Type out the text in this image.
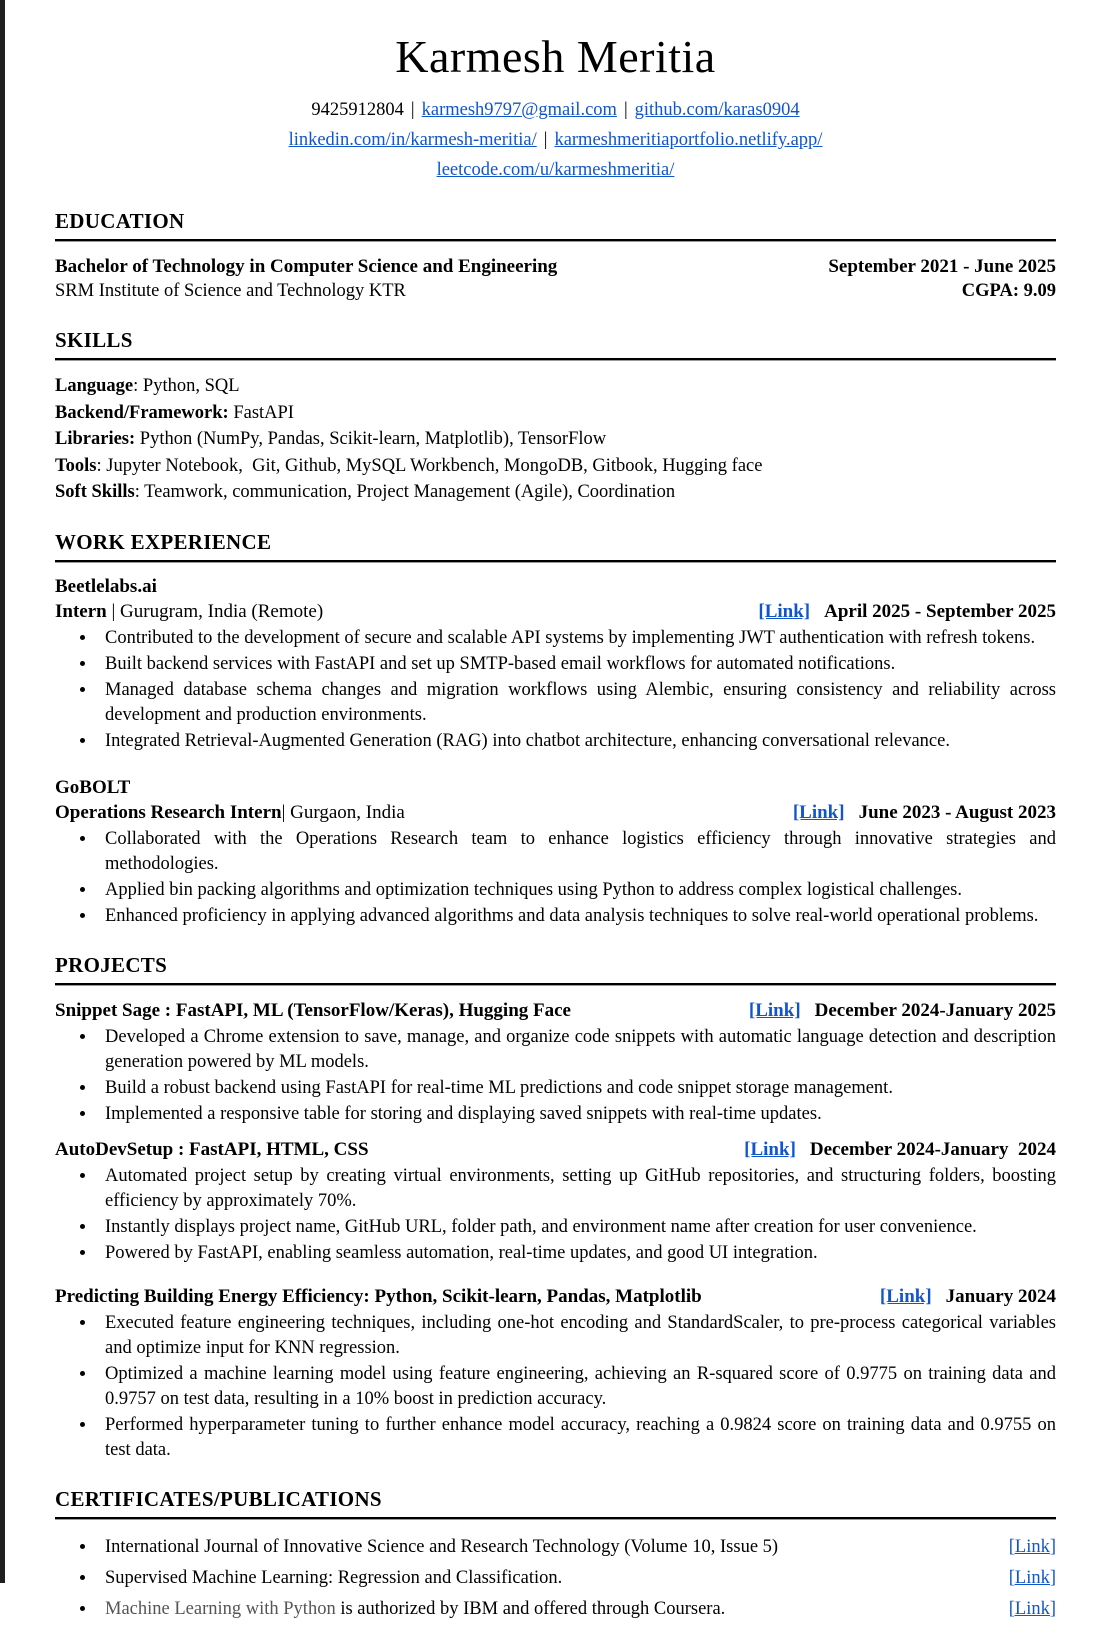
Karmesh Meritia
9425912804 | karmesh9797@gmail.com | github.com/karas0904
linkedin.com/in/karmesh-meritia/ | karmeshmeritiaportfolio.netlify.app/
leetcode.com/u/karmeshmeritia/
EDUCATION
Bachelor of Technology in Computer Science and Engineering	September 2021 - June 2025
SRM Institute of Science and Technology KTR	CGPA: 9.09
SKILLS
Language: Python, SQL
Backend/Framework: FastAPI
Libraries: Python (NumPy, Pandas, Scikit-learn, Matplotlib), TensorFlow
Tools: Jupyter Notebook,  Git, Github, MySQL Workbench, MongoDB, Gitbook, Hugging face
Soft Skills: Teamwork, communication, Project Management (Agile), Coordination
WORK EXPERIENCE
Beetlelabs.ai
Intern | Gurugram, India (Remote)	[Link] April 2025 - September 2025
• Contributed to the development of secure and scalable API systems by implementing JWT authentication with refresh tokens.
• Built backend services with FastAPI and set up SMTP-based email workflows for automated notifications.
• Managed database schema changes and migration workflows using Alembic, ensuring consistency and reliability across development and production environments.
• Integrated Retrieval-Augmented Generation (RAG) into chatbot architecture, enhancing conversational relevance.
GoBOLT
Operations Research Intern| Gurgaon, India	[Link] June 2023 - August 2023
• Collaborated with the Operations Research team to enhance logistics efficiency through innovative strategies and methodologies.
• Applied bin packing algorithms and optimization techniques using Python to address complex logistical challenges.
• Enhanced proficiency in applying advanced algorithms and data analysis techniques to solve real-world operational problems.
PROJECTS
Snippet Sage : FastAPI, ML (TensorFlow/Keras), Hugging Face	[Link] December 2024-January 2025
• Developed a Chrome extension to save, manage, and organize code snippets with automatic language detection and description generation powered by ML models.
• Build a robust backend using FastAPI for real-time ML predictions and code snippet storage management.
• Implemented a responsive table for storing and displaying saved snippets with real-time updates.
AutoDevSetup : FastAPI, HTML, CSS	[Link] December 2024-January  2024
• Automated project setup by creating virtual environments, setting up GitHub repositories, and structuring folders, boosting efficiency by approximately 70%.
• Instantly displays project name, GitHub URL, folder path, and environment name after creation for user convenience.
• Powered by FastAPI, enabling seamless automation, real-time updates, and good UI integration.
Predicting Building Energy Efficiency: Python, Scikit-learn, Pandas, Matplotlib	[Link] January 2024
• Executed feature engineering techniques, including one-hot encoding and StandardScaler, to pre-process categorical variables and optimize input for KNN regression.
• Optimized a machine learning model using feature engineering, achieving an R-squared score of 0.9775 on training data and 0.9757 on test data, resulting in a 10% boost in prediction accuracy.
• Performed hyperparameter tuning to further enhance model accuracy, reaching a 0.9824 score on training data and 0.9755 on test data.
CERTIFICATES/PUBLICATIONS
• International Journal of Innovative Science and Research Technology (Volume 10, Issue 5)	[Link]
• Supervised Machine Learning: Regression and Classification.	[Link]
• Machine Learning with Python is authorized by IBM and offered through Coursera.	[Link]
